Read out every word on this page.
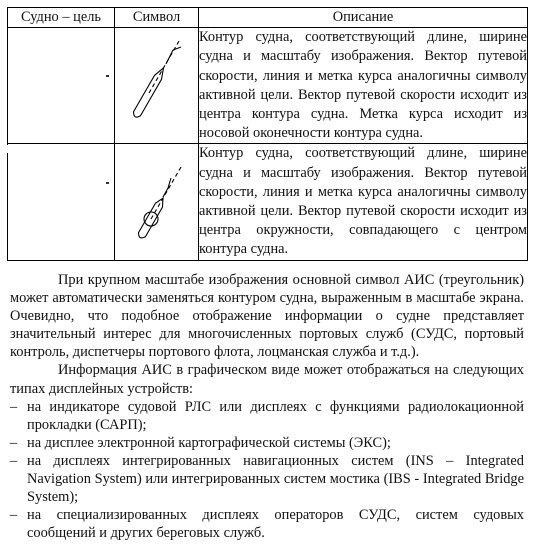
Судно – цель	Символ	Описание

		Контур судна, соответствующий длине, ширине судна и масштабу изображения. Вектор путевой скорости, линия и метка курса аналогичны символу активной цели. Вектор путевой скорости исходит из центра контура судна. Метка курса исходит из носовой оконечности контура судна.

		Контур судна, соответствующий длине, ширине судна и масштабу изображения. Вектор путевой скорости, линия и метка курса аналогичны символу активной цели. Вектор путевой скорости исходит из центра окружности, совпадающего с центром контура судна.

При крупном масштабе изображения основной символ АИС (треугольник) может автоматически заменяться контуром судна, выраженным в масштабе экрана. Очевидно, что подобное отображение информации о судне представляет значительный интерес для многочисленных портовых служб (СУДС, портовый контроль, диспетчеры портового флота, лоцманская служба и т.д.).

Информация АИС в графическом виде может отображаться на следующих типах дисплейных устройств:

– на индикаторе судовой РЛС или дисплеях с функциями радиолокационной прокладки (САРП);
– на дисплее электронной картографической системы (ЭКС);
– на дисплеях интегрированных навигационных систем (INS – Integrated Navigation System) или интегрированных систем мостика (IBS - Integrated Bridge System);
– на специализированных дисплеях операторов СУДС, систем судовых сообщений и других береговых служб.
